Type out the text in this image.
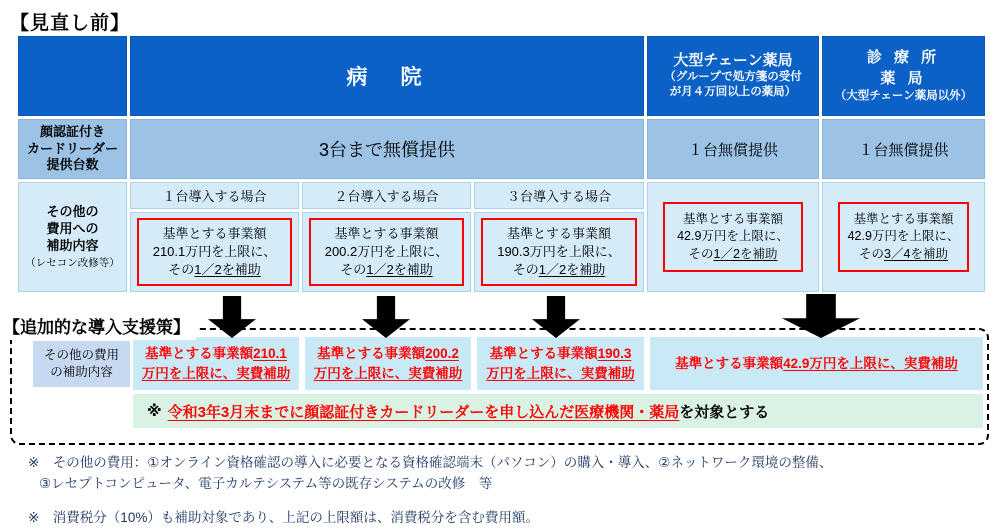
【見直し前】
病　院
大型チェーン薬局
（グループで処方箋の受付
が月４万回以上の薬局）
診 療 所
薬 局
（大型チェーン薬局以外）
顔認証付き
カードリーダー
提供台数
3台まで無償提供	１台無償提供	１台無償提供
その他の
費用への
補助内容
（レセコン改修等）
１台導入する場合
基準とする事業額
210.1万円を上限に、
その1／2を補助
２台導入する場合
基準とする事業額
200.2万円を上限に、
その1／2を補助
３台導入する場合
基準とする事業額
190.3万円を上限に、
その1／2を補助
基準とする事業額
42.9万円を上限に、
その1／2を補助
基準とする事業額
42.9万円を上限に、
その3／4を補助
【追加的な導入支援策】
その他の費用
の補助内容
基準とする事業額210.1万円を上限に、実費補助
基準とする事業額200.2万円を上限に、実費補助
基準とする事業額190.3万円を上限に、実費補助
基準とする事業額42.9万円を上限に、実費補助
※ 令和3年3月末までに顔認証付きカードリーダーを申し込んだ医療機関・薬局 を対象とする
※　その他の費用：①オンライン資格確認の導入に必要となる資格確認端末（パソコン）の購入・導入、②ネットワーク環境の整備、
③レセプトコンピュータ、電子カルテシステム等の既存システムの改修　等
※　消費税分（10%）も補助対象であり、上記の上限額は、消費税分を含む費用額。
